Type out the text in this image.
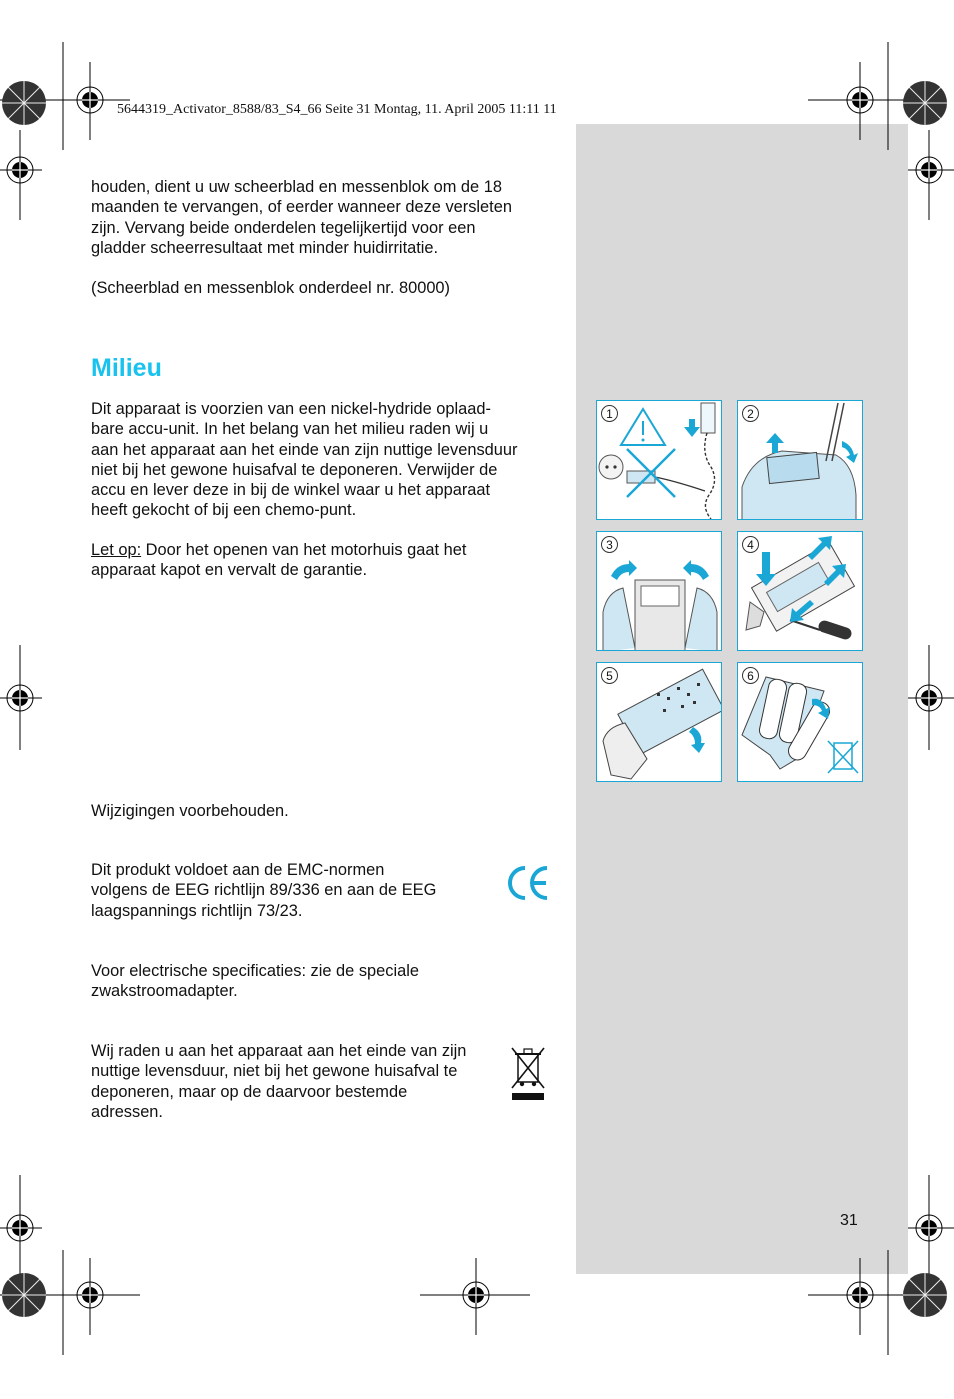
5644319_Activator_8588/83_S4_66 Seite 31 Montag, 11. April 2005 11:11 11

houden, dient u uw scheerblad en messenblok om de 18
maanden te vervangen, of eerder wanneer deze versleten
zijn. Vervang beide onderdelen tegelijkertijd voor een
gladder scheerresultaat met minder huidirritatie.

(Scheerblad en messenblok onderdeel nr. 80000)

Milieu

Dit apparaat is voorzien van een nickel-hydride oplaad-
bare accu-unit. In het belang van het milieu raden wij u
aan het apparaat aan het einde van zijn nuttige levensduur
niet bij het gewone huisafval te deponeren. Verwijder de
accu en lever deze in bij de winkel waar u het apparaat
heeft gekocht of bij een chemo-punt.

Let op: Door het openen van het motorhuis gaat het
apparaat kapot en vervalt de garantie.

Wijzigingen voorbehouden.

Dit produkt voldoet aan de EMC-normen
volgens de EEG richtlijn 89/336 en aan de EEG
laagspannings richtlijn 73/23.

Voor electrische specificaties: zie de speciale
zwakstroomadapter.

Wij raden u aan het apparaat aan het einde van zijn
nuttige levensduur, niet bij het gewone huisafval te
deponeren, maar op de daarvoor bestemde
adressen.

1	2
3	4
5	6
31
